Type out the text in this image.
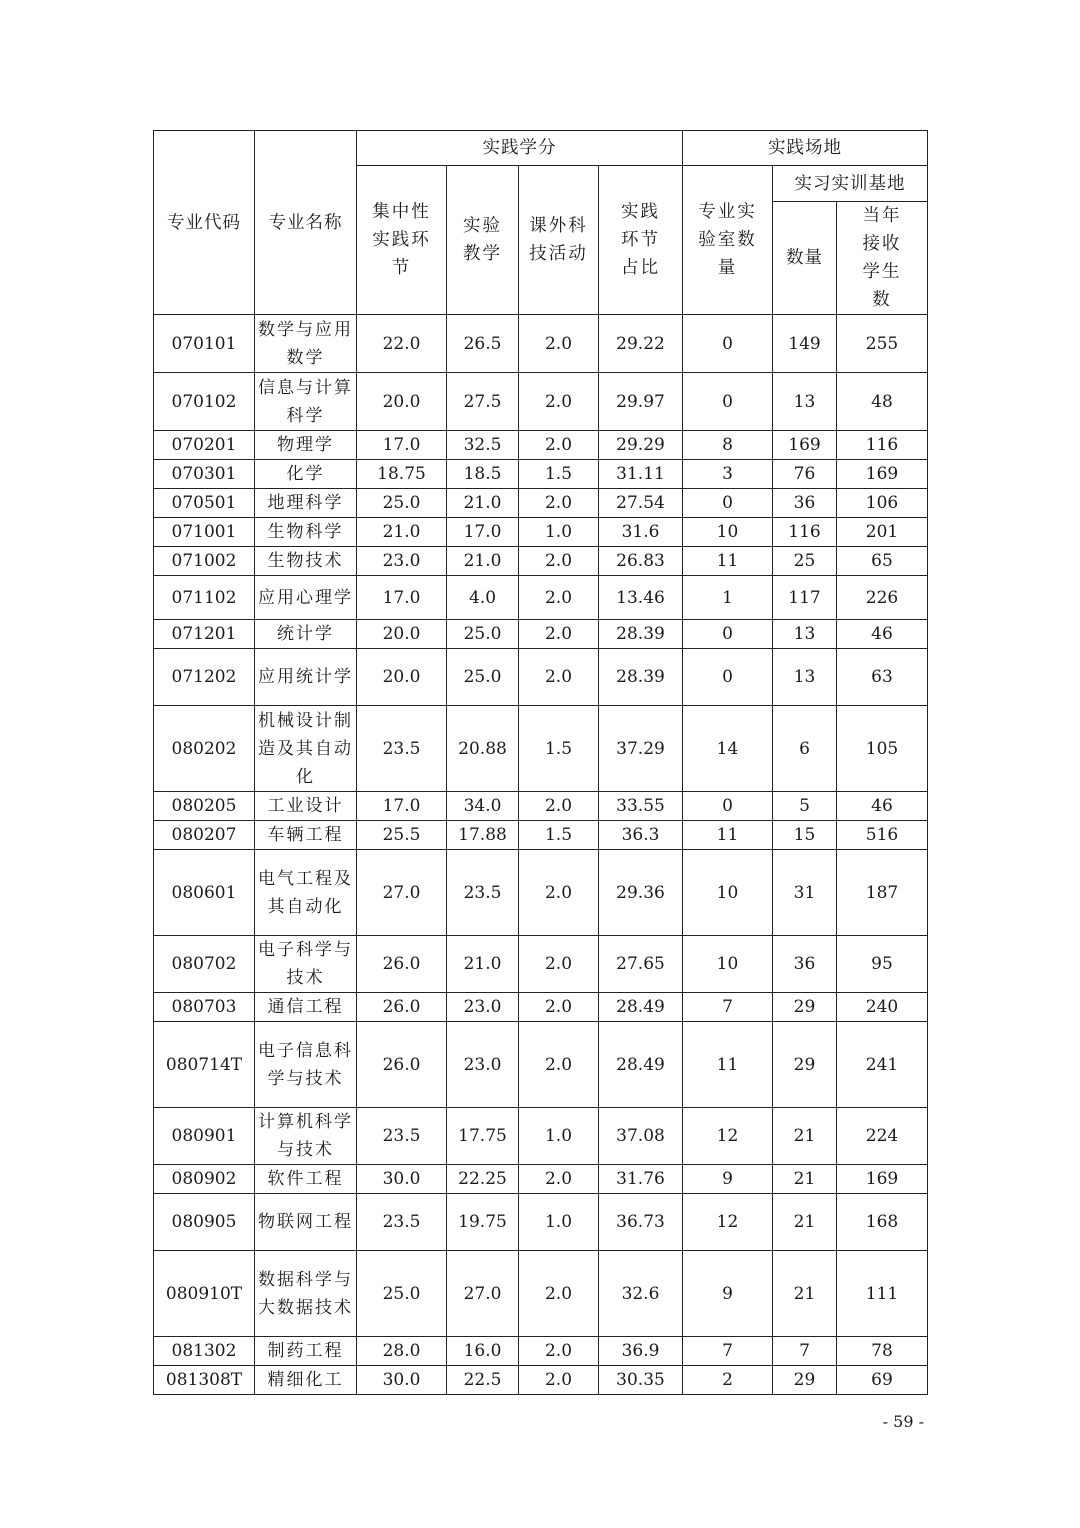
专业代码	专业名称	实践学分				实践场地		

		集中性实践环节	实验教学	课外科技活动	实践环节占比	专业实验室数量	实习实训基地	
							数量	当年接收学生数

070101	数学与应用数学	22.0	26.5	2.0	29.22	0	149	255
070102	信息与计算科学	20.0	27.5	2.0	29.97	0	13	48
070201	物理学	17.0	32.5	2.0	29.29	8	169	116
070301	化学	18.75	18.5	1.5	31.11	3	76	169
070501	地理科学	25.0	21.0	2.0	27.54	0	36	106
071001	生物科学	21.0	17.0	1.0	31.6	10	116	201
071002	生物技术	23.0	21.0	2.0	26.83	11	25	65
071102	应用心理学	17.0	4.0	2.0	13.46	1	117	226
071201	统计学	20.0	25.0	2.0	28.39	0	13	46
071202	应用统计学	20.0	25.0	2.0	28.39	0	13	63
080202	机械设计制造及其自动化	23.5	20.88	1.5	37.29	14	6	105
080205	工业设计	17.0	34.0	2.0	33.55	0	5	46
080207	车辆工程	25.5	17.88	1.5	36.3	11	15	516
080601	电气工程及其自动化	27.0	23.5	2.0	29.36	10	31	187
080702	电子科学与技术	26.0	21.0	2.0	27.65	10	36	95
080703	通信工程	26.0	23.0	2.0	28.49	7	29	240
080714T	电子信息科学与技术	26.0	23.0	2.0	28.49	11	29	241
080901	计算机科学与技术	23.5	17.75	1.0	37.08	12	21	224
080902	软件工程	30.0	22.25	2.0	31.76	9	21	169
080905	物联网工程	23.5	19.75	1.0	36.73	12	21	168
080910T	数据科学与大数据技术	25.0	27.0	2.0	32.6	9	21	111
081302	制药工程	28.0	16.0	2.0	36.9	7	7	78
081308T	精细化工	30.0	22.5	2.0	30.35	2	29	69
- 59 -
